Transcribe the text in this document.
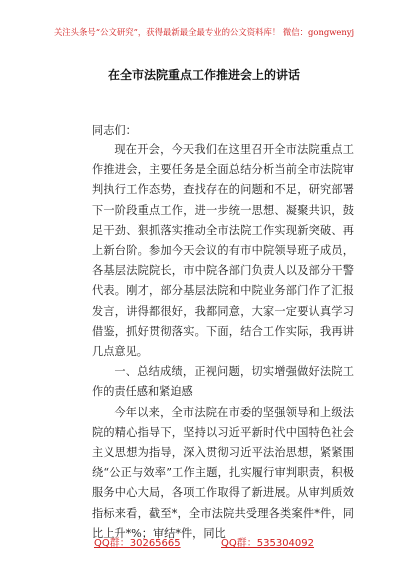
关注头条号“公文研究”，获得最新最全最专业的公文资料库！ 微信：gongwenyj
在全市法院重点工作推进会上的讲话
同志们：

现在开会，今天我们在这里召开全市法院重点工作推进会，主要任务是全面总结分析当前全市法院审判执行工作态势，查找存在的问题和不足，研究部署下一阶段重点工作，进一步统一思想、凝聚共识，鼓足干劲、狠抓落实推动全市法院工作实现新突破、再上新台阶。参加今天会议的有市中院领导班子成员，各基层法院院长，市中院各部门负责人以及部分干警代表。刚才，部分基层法院和中院业务部门作了汇报发言，讲得都很好，我都同意，大家一定要认真学习借鉴，抓好贯彻落实。下面，结合工作实际，我再讲几点意见。

一、总结成绩，正视问题，切实增强做好法院工作的责任感和紧迫感

今年以来，全市法院在市委的坚强领导和上级法院的精心指导下，坚持以习近平新时代中国特色社会主义思想为指导，深入贯彻习近平法治思想，紧紧围绕“公正与效率”工作主题，扎实履行审判职责，积极服务中心大局，各项工作取得了新进展。从审判质效指标来看，截至*，全市法院共受理各类案件*件，同比上升*%；审结*件，同比

QQ群：30265665	QQ群：535304092
